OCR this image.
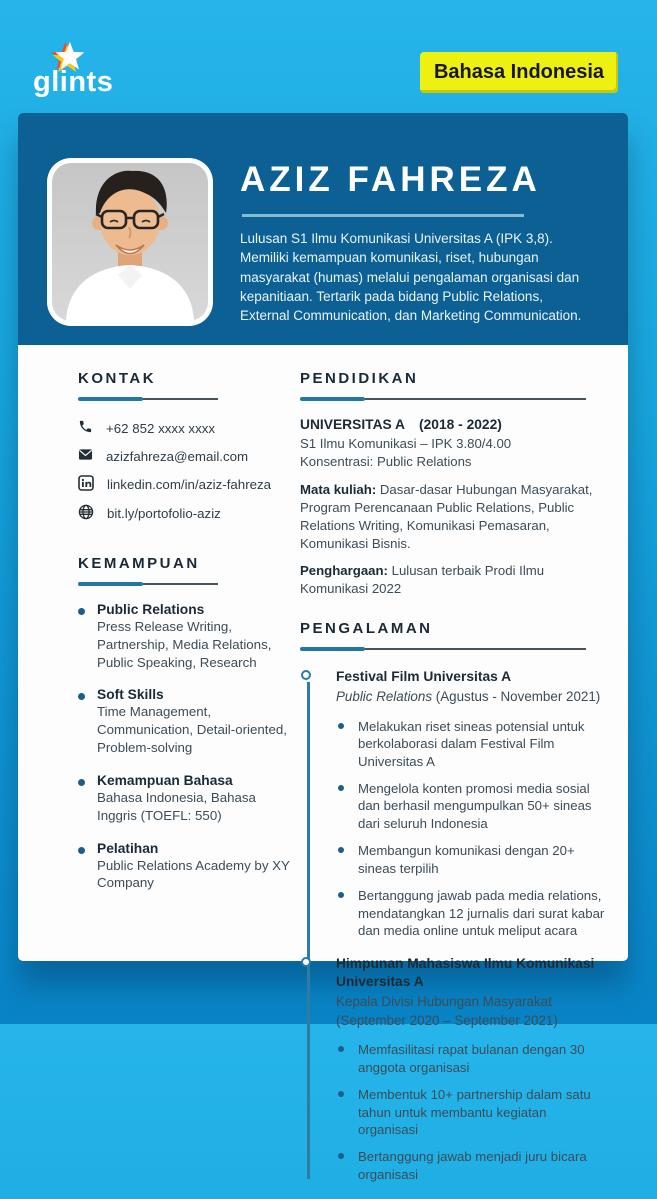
glints	Bahasa Indonesia
AZIZ FAHREZA
Lulusan S1 Ilmu Komunikasi Universitas A (IPK 3,8). Memiliki kemampuan komunikasi, riset, hubungan masyarakat (humas) melalui pengalaman organisasi dan kepanitiaan. Tertarik pada bidang Public Relations, External Communication, dan Marketing Communication.
KONTAK
+62 852 xxxx xxxx
azizfahreza@email.com
linkedin.com/in/aziz-fahreza
bit.ly/portofolio-aziz
KEMAMPUAN
Public Relations
Press Release Writing, Partnership, Media Relations, Public Speaking, Research
Soft Skills
Time Management, Communication, Detail-oriented, Problem-solving
Kemampuan Bahasa
Bahasa Indonesia, Bahasa Inggris (TOEFL: 550)
Pelatihan
Public Relations Academy by XY Company
PENDIDIKAN
UNIVERSITAS A (2018 - 2022)
S1 Ilmu Komunikasi – IPK 3.80/4.00
Konsentrasi: Public Relations
Mata kuliah: Dasar-dasar Hubungan Masyarakat, Program Perencanaan Public Relations, Public Relations Writing, Komunikasi Pemasaran, Komunikasi Bisnis.
Penghargaan: Lulusan terbaik Prodi Ilmu Komunikasi 2022
PENGALAMAN
Festival Film Universitas A
Public Relations (Agustus - November 2021)
Melakukan riset sineas potensial untuk berkolaborasi dalam Festival Film Universitas A
Mengelola konten promosi media sosial dan berhasil mengumpulkan 50+ sineas dari seluruh Indonesia
Membangun komunikasi dengan 20+ sineas terpilih
Bertanggung jawab pada media relations, mendatangkan 12 jurnalis dari surat kabar dan media online untuk meliput acara
Himpunan Mahasiswa Ilmu Komunikasi Universitas A
Kepala Divisi Hubungan Masyarakat
(September 2020 – September 2021)
Memfasilitasi rapat bulanan dengan 30 anggota organisasi
Membentuk 10+ partnership dalam satu tahun untuk membantu kegiatan organisasi
Bertanggung jawab menjadi juru bicara organisasi
